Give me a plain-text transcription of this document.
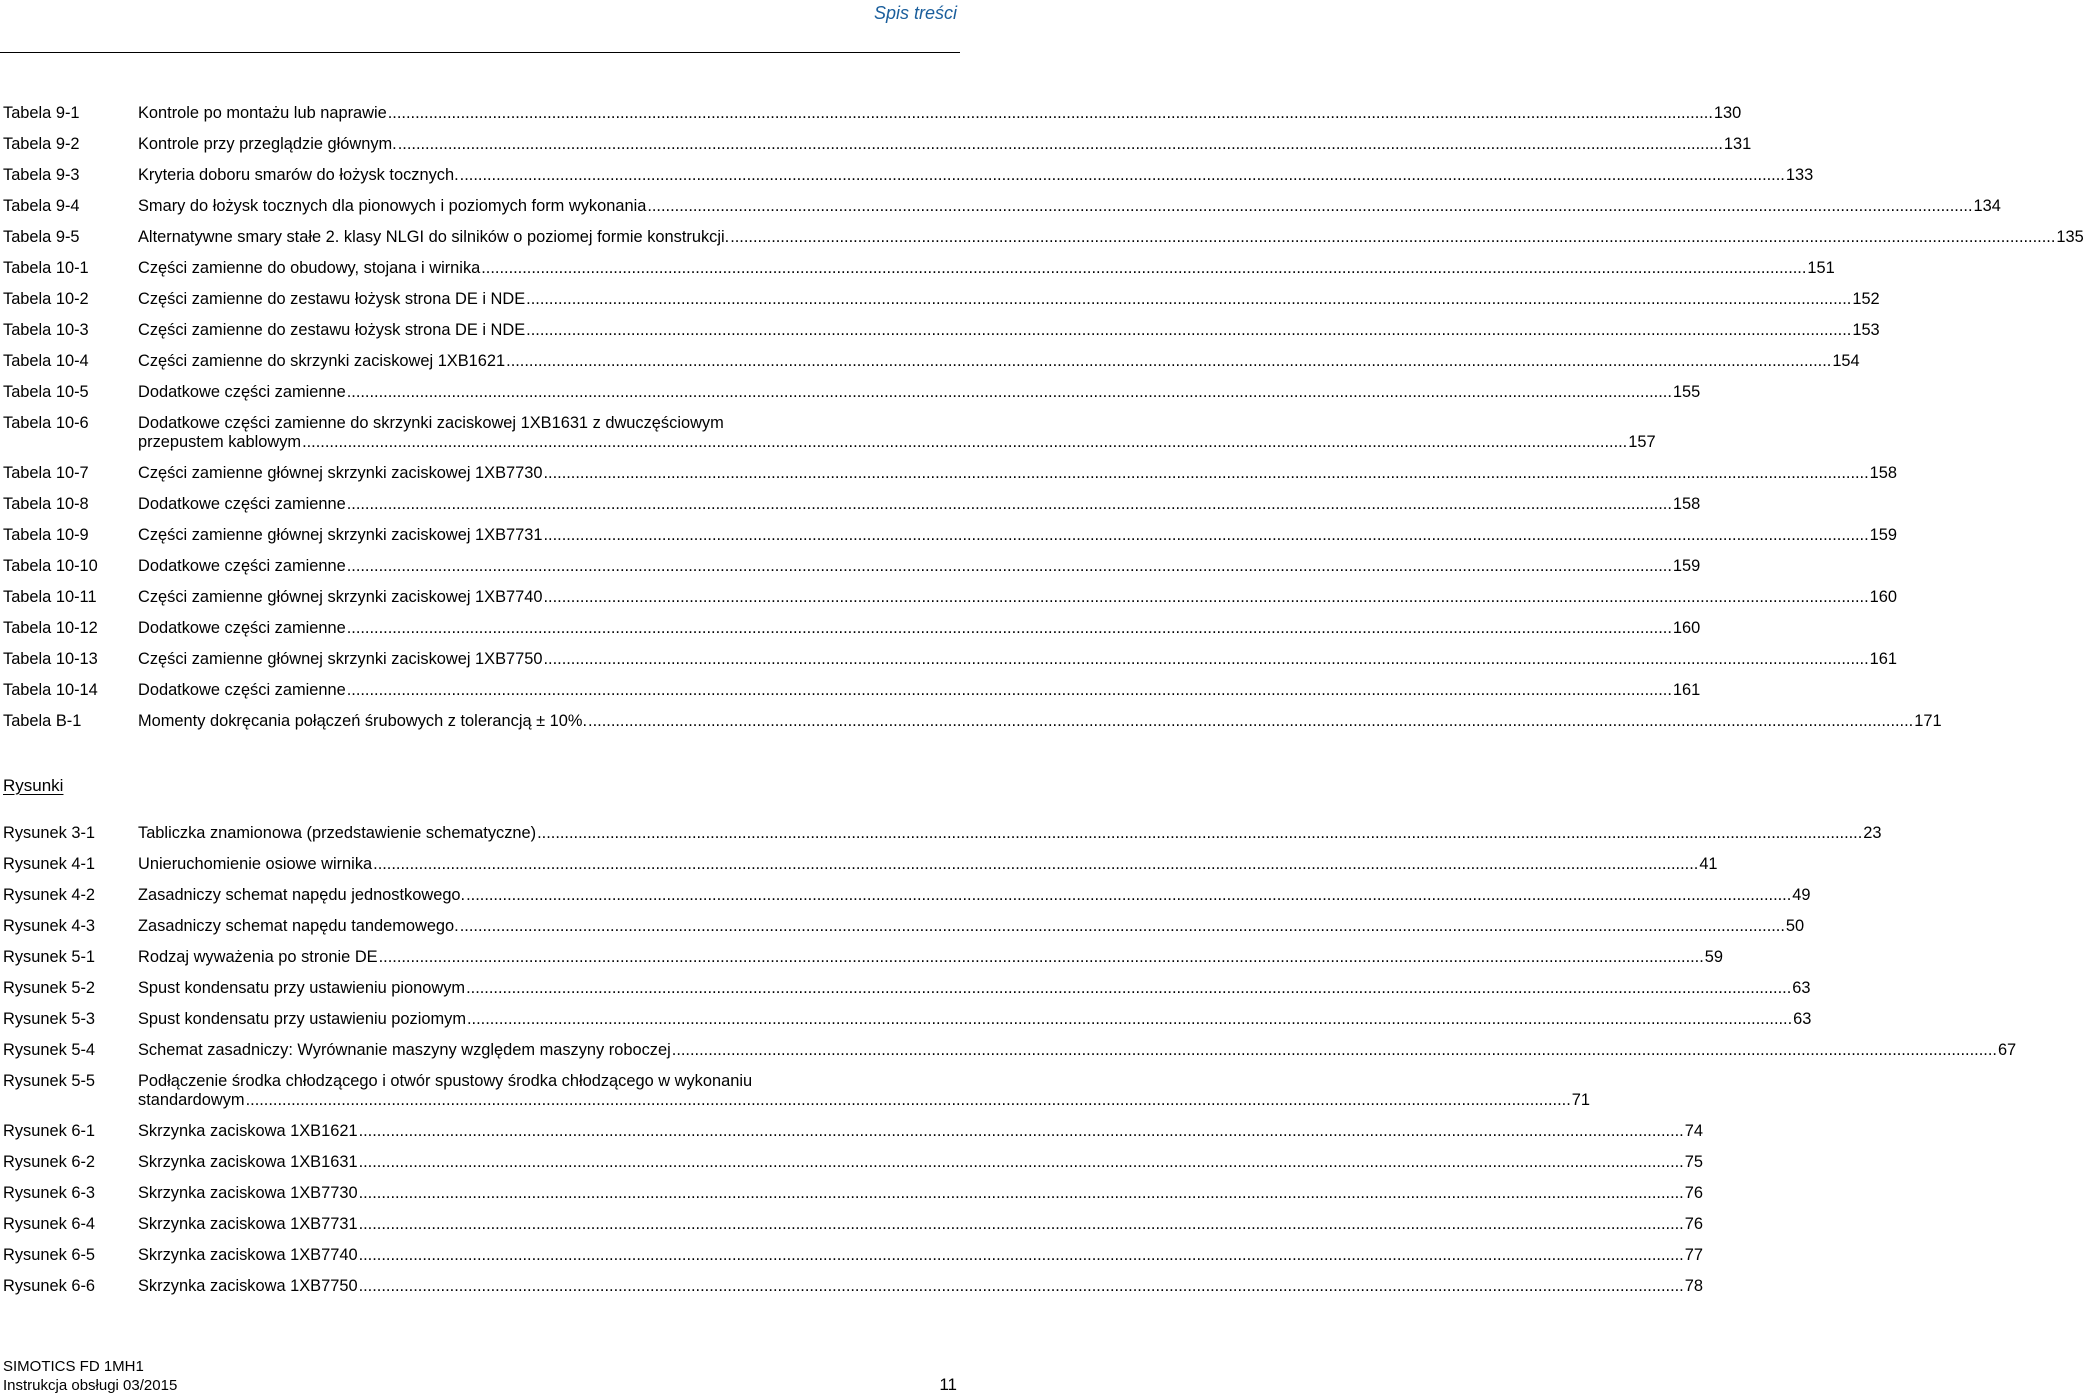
Spis treści
Tabela 9-1	Kontrole po montażu lub naprawie .....	130
Tabela 9-2	Kontrole przy przeglądzie głównym. .....	131
Tabela 9-3	Kryteria doboru smarów do łożysk tocznych. .....	133
Tabela 9-4	Smary do łożysk tocznych dla pionowych i poziomych form wykonania .....	134
Tabela 9-5	Alternatywne smary stałe 2. klasy NLGI do silników o poziomej formie konstrukcji. .....	135
Tabela 10-1	Części zamienne do obudowy, stojana i wirnika .....	151
Tabela 10-2	Części zamienne do zestawu łożysk strona DE i NDE .....	152
Tabela 10-3	Części zamienne do zestawu łożysk strona DE i NDE .....	153
Tabela 10-4	Części zamienne do skrzynki zaciskowej 1XB1621 .....	154
Tabela 10-5	Dodatkowe części zamienne .....	155
Tabela 10-6	Dodatkowe części zamienne do skrzynki zaciskowej 1XB1631 z dwuczęściowym
przepustem kablowym .....	157
Tabela 10-7	Części zamienne głównej skrzynki zaciskowej 1XB7730 .....	158
Tabela 10-8	Dodatkowe części zamienne .....	158
Tabela 10-9	Części zamienne głównej skrzynki zaciskowej 1XB7731 .....	159
Tabela 10-10	Dodatkowe części zamienne .....	159
Tabela 10-11	Części zamienne głównej skrzynki zaciskowej 1XB7740 .....	160
Tabela 10-12	Dodatkowe części zamienne .....	160
Tabela 10-13	Części zamienne głównej skrzynki zaciskowej 1XB7750 .....	161
Tabela 10-14	Dodatkowe części zamienne .....	161
Tabela B-1	Momenty dokręcania połączeń śrubowych z tolerancją ± 10%. .....	171
Rysunki
Rysunek 3-1	Tabliczka znamionowa (przedstawienie schematyczne) .....	23
Rysunek 4-1	Unieruchomienie osiowe wirnika .....	41
Rysunek 4-2	Zasadniczy schemat napędu jednostkowego. .....	49
Rysunek 4-3	Zasadniczy schemat napędu tandemowego. .....	50
Rysunek 5-1	Rodzaj wyważenia po stronie DE .....	59
Rysunek 5-2	Spust kondensatu przy ustawieniu pionowym .....	63
Rysunek 5-3	Spust kondensatu przy ustawieniu poziomym .....	63
Rysunek 5-4	Schemat zasadniczy: Wyrównanie maszyny względem maszyny roboczej .....	67
Rysunek 5-5	Podłączenie środka chłodzącego i otwór spustowy środka chłodzącego w wykonaniu
standardowym .....	71
Rysunek 6-1	Skrzynka zaciskowa 1XB1621 .....	74
Rysunek 6-2	Skrzynka zaciskowa 1XB1631 .....	75
Rysunek 6-3	Skrzynka zaciskowa 1XB7730 .....	76
Rysunek 6-4	Skrzynka zaciskowa 1XB7731 .....	76
Rysunek 6-5	Skrzynka zaciskowa 1XB7740 .....	77
Rysunek 6-6	Skrzynka zaciskowa 1XB7750 .....	78
SIMOTICS FD 1MH1
Instrukcja obsługi 03/2015	11
